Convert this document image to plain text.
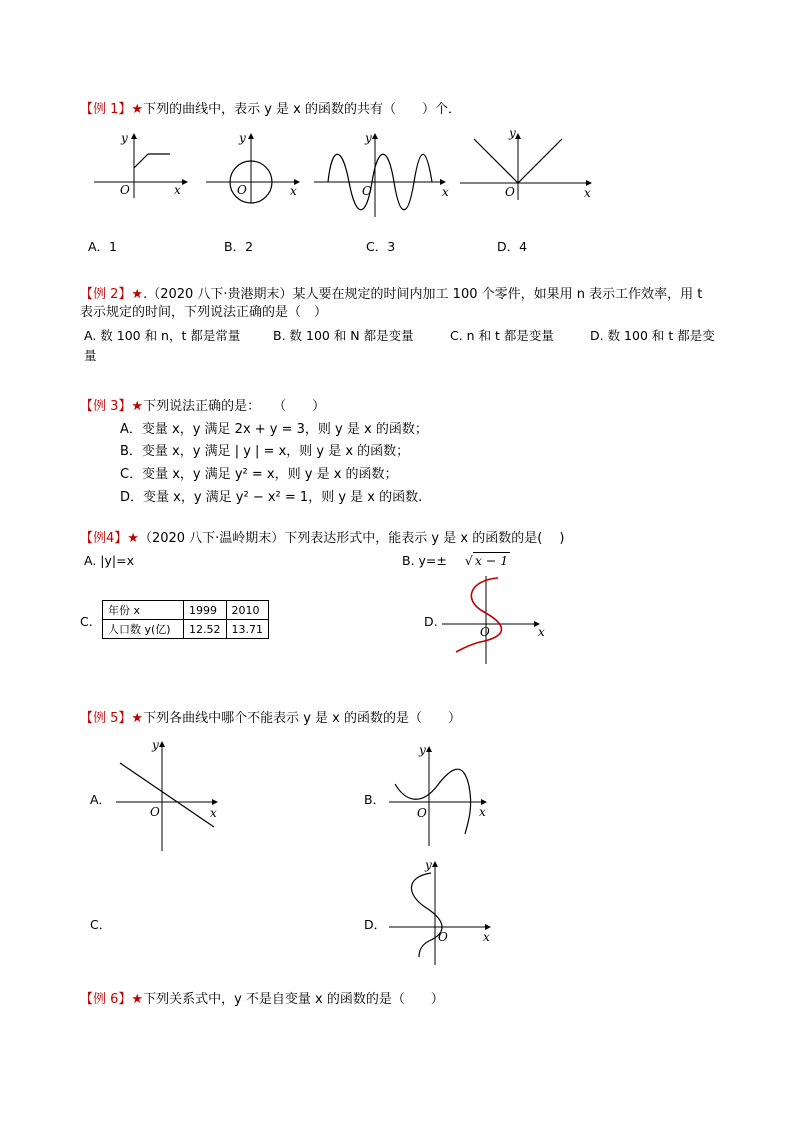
【例 1】★下列的曲线中，表示 y 是 x 的函数的共有（　　）个．
y
x
O
y
x
O
y
x
O
y
x
O
A．1	B．2	C．3	D．4
【例 2】★.（2020 八下·贵港期末）某人要在规定的时间内加工 100 个零件，如果用 n 表示工作效率，用 t
表示规定的时间，下列说法正确的是（　）
A. 数 100 和 n，t 都是常量	B. 数 100 和 N 都是变量	C. n 和 t 都是变量	D. 数 100 和 t 都是变
量
【例 3】★下列说法正确的是：　　（　　）
A．变量 x，y 满足 2x + y = 3，则 y 是 x 的函数；
B．变量 x，y 满足 | y | = x，则 y 是 x 的函数；
C．变量 x，y 满足 y² = x，则 y 是 x 的函数；
D．变量 x，y 满足 y² − x² = 1，则 y 是 x 的函数.
【例4】★（2020 八下·温岭期末）下列表达形式中，能表示 y 是 x 的函数的是(　 )
A. |y|=x	B. y=± √ x − 1
C.
年份 x	1999	2010
人口数 y(亿)	12.52	13.71	D.
x
O
【例 5】★下列各曲线中哪个不能表示 y 是 x 的函数的是（　　）
A．
y
x
O
B．
y
x
O
C．	D．
y
x
O
【例 6】★下列关系式中，y 不是自变量 x 的函数的是（　　）
